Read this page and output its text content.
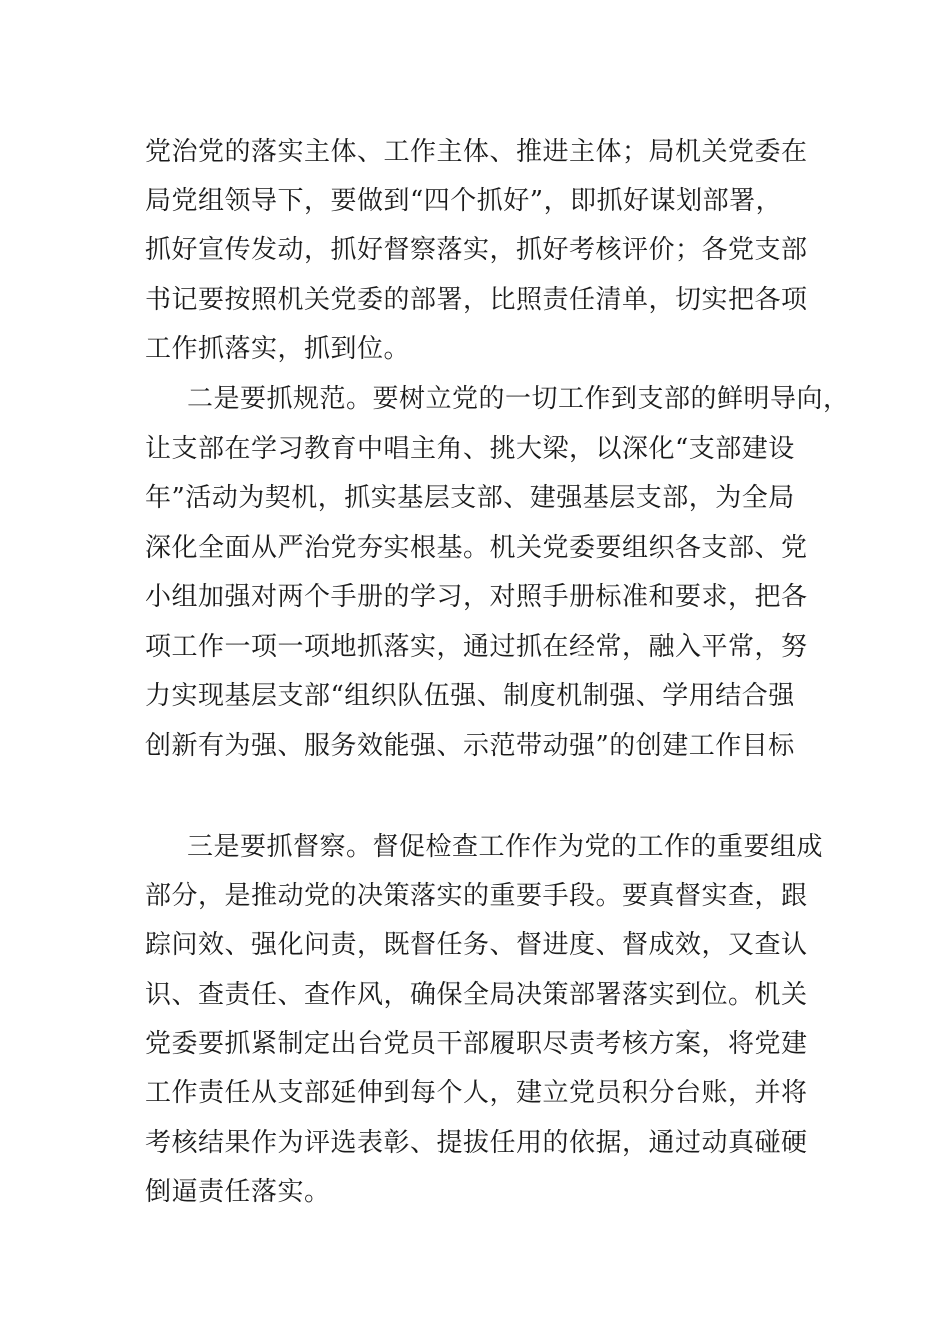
党治党的落实主体、工作主体、推进主体；局机关党委在
局党组领导下，要做到“四个抓好”，即抓好谋划部署，
抓好宣传发动，抓好督察落实，抓好考核评价；各党支部
书记要按照机关党委的部署，比照责任清单，切实把各项
工作抓落实，抓到位。
二是要抓规范。要树立党的一切工作到支部的鲜明导向，
让支部在学习教育中唱主角、挑大梁，以深化“支部建设
年”活动为契机，抓实基层支部、建强基层支部，为全局
深化全面从严治党夯实根基。机关党委要组织各支部、党
小组加强对两个手册的学习，对照手册标准和要求，把各
项工作一项一项地抓落实，通过抓在经常，融入平常，努
力实现基层支部“组织队伍强、制度机制强、学用结合强
创新有为强、服务效能强、示范带动强”的创建工作目标
三是要抓督察。督促检查工作作为党的工作的重要组成
部分，是推动党的决策落实的重要手段。要真督实查，跟
踪问效、强化问责，既督任务、督进度、督成效，又查认
识、查责任、查作风，确保全局决策部署落实到位。机关
党委要抓紧制定出台党员干部履职尽责考核方案，将党建
工作责任从支部延伸到每个人，建立党员积分台账，并将
考核结果作为评选表彰、提拔任用的依据，通过动真碰硬
倒逼责任落实。
